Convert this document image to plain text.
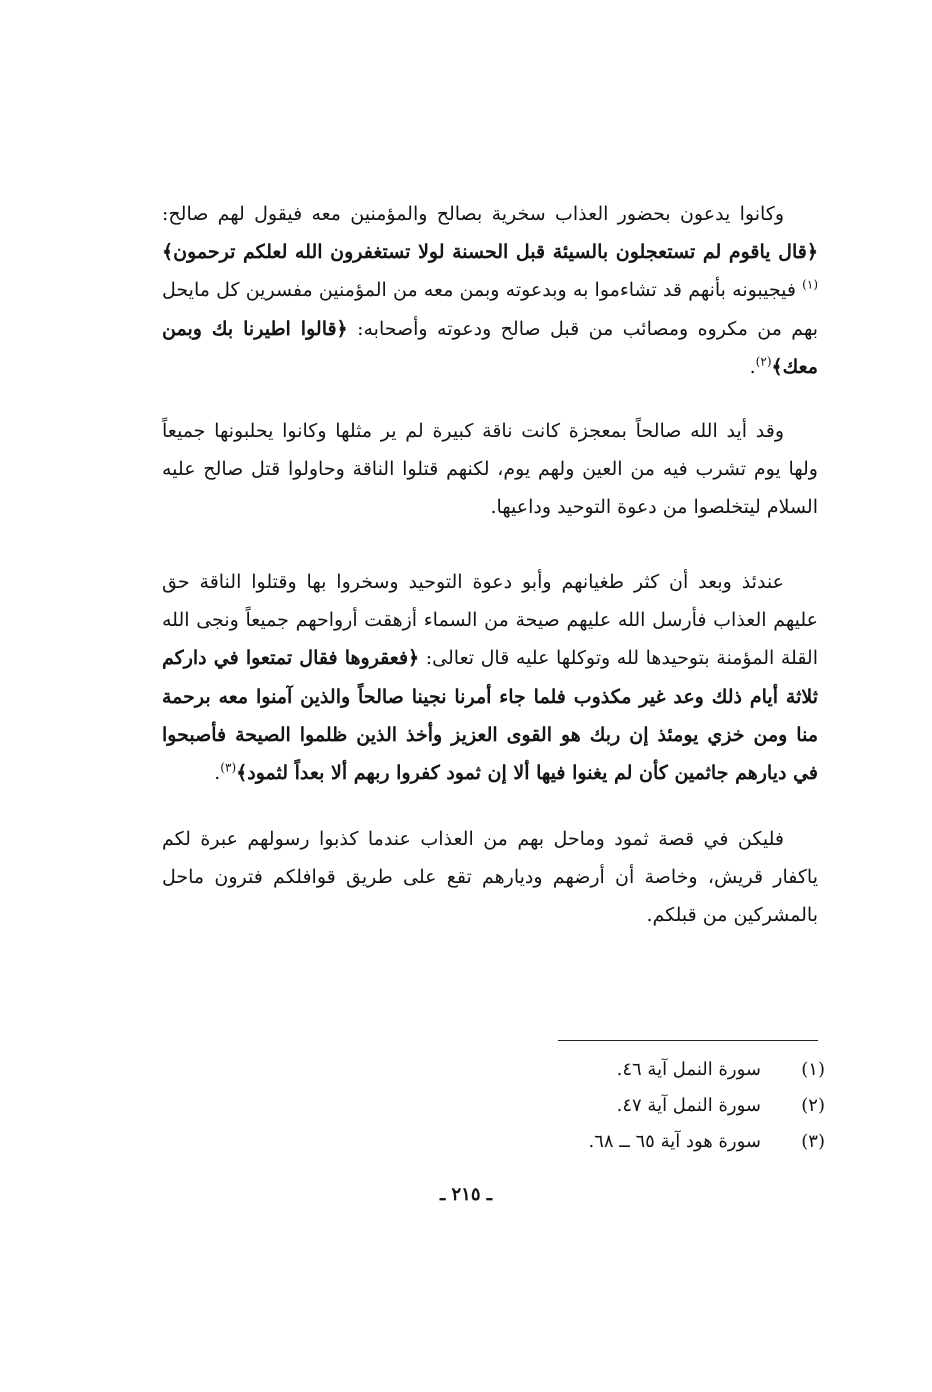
وكانوا يدعون بحضور العذاب سخرية بصالح والمؤمنين معه فيقول لهم صالح: ﴿قال ياقوم لم تستعجلون بالسيئة قبل الحسنة لولا تستغفرون الله لعلكم ترحمون﴾$^{(١)}$ فيجيبونه بأنهم قد تشاءموا به وبدعوته وبمن معه من المؤمنين مفسرين كل مايحل بهم من مكروه ومصائب من قبل صالح ودعوته وأصحابه: ﴿قالوا اطيرنا بك وبمن معك﴾$^{(٢)}$.

وقد أيد الله صالحاً بمعجزة كانت ناقة كبيرة لم ير مثلها وكانوا يحلبونها جميعاً ولها يوم تشرب فيه من العين ولهم يوم، لكنهم قتلوا الناقة وحاولوا قتل صالح عليه السلام ليتخلصوا من دعوة التوحيد وداعيها.

عندئذ وبعد أن كثر طغيانهم وأبو دعوة التوحيد وسخروا بها وقتلوا الناقة حق عليهم العذاب فأرسل الله عليهم صيحة من السماء أزهقت أرواحهم جميعاً ونجى الله القلة المؤمنة بتوحيدها لله وتوكلها عليه قال تعالى: ﴿فعقروها فقال تمتعوا في داركم ثلاثة أيام ذلك وعد غير مكذوب فلما جاء أمرنا نجينا صالحاً والذين آمنوا معه برحمة منا ومن خزي يومئذ إن ربك هو القوى العزيز وأخذ الذين ظلموا الصيحة فأصبحوا في ديارهم جاثمين كأن لم يغنوا فيها ألا إن ثمود كفروا ربهم ألا بعداً لثمود﴾$^{(٣)}$.

فليكن في قصة ثمود وماحل بهم من العذاب عندما كذبوا رسولهم عبرة لكم ياكفار قريش، وخاصة أن أرضهم وديارهم تقع على طريق قوافلكم فترون ماحل بالمشركين من قبلكم.

(١)
سورة النمل آية ٤٦.
(٢)
سورة النمل آية ٤٧.
(٣)
سورة هود آية ٦٥ ــ ٦٨.
ـ ٢١٥ ـ
